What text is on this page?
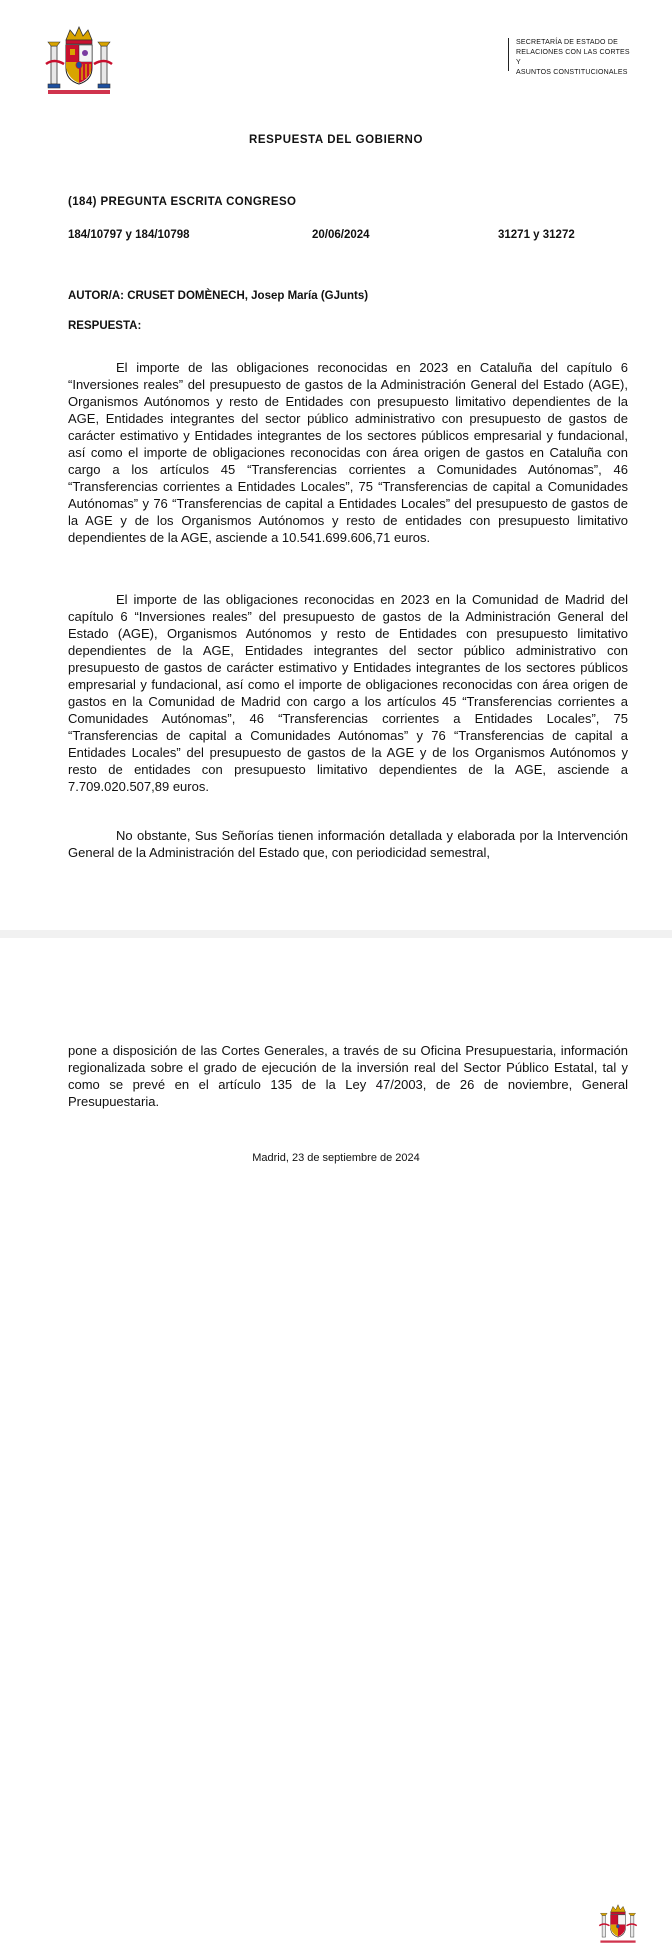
SECRETARÍA DE ESTADO DE
RELACIONES CON LAS CORTES Y
ASUNTOS CONSTITUCIONALES
RESPUESTA DEL GOBIERNO
(184) PREGUNTA ESCRITA CONGRESO
184/10797 y 184/10798	20/06/2024	31271 y 31272
AUTOR/A: CRUSET DOMÈNECH, Josep María (GJunts)
RESPUESTA:

El importe de las obligaciones reconocidas en 2023 en Cataluña del capítulo 6 “Inversiones reales” del presupuesto de gastos de la Administración General del Estado (AGE), Organismos Autónomos y resto de Entidades con presupuesto limitativo dependientes de la AGE, Entidades integrantes del sector público administrativo con presupuesto de gastos de carácter estimativo y Entidades integrantes de los sectores públicos empresarial y fundacional, así como el importe de obligaciones reconocidas con área origen de gastos en Cataluña con cargo a los artículos 45 “Transferencias corrientes a Comunidades Autónomas”, 46 “Transferencias corrientes a Entidades Locales”, 75 “Transferencias de capital a Comunidades Autónomas” y 76 “Transferencias de capital a Entidades Locales” del presupuesto de gastos de la AGE y de los Organismos Autónomos y resto de entidades con presupuesto limitativo dependientes de la AGE, asciende a 10.541.699.606,71 euros.

El importe de las obligaciones reconocidas en 2023 en la Comunidad de Madrid del capítulo 6 “Inversiones reales” del presupuesto de gastos de la Administración General del Estado (AGE), Organismos Autónomos y resto de Entidades con presupuesto limitativo dependientes de la AGE, Entidades integrantes del sector público administrativo con presupuesto de gastos de carácter estimativo y Entidades integrantes de los sectores públicos empresarial y fundacional, así como el importe de obligaciones reconocidas con área origen de gastos en la Comunidad de Madrid con cargo a los artículos 45 “Transferencias corrientes a Comunidades Autónomas”, 46 “Transferencias corrientes a Entidades Locales”, 75 “Transferencias de capital a Comunidades Autónomas” y 76 “Transferencias de capital a Entidades Locales” del presupuesto de gastos de la AGE y de los Organismos Autónomos y resto de entidades con presupuesto limitativo dependientes de la AGE, asciende a 7.709.020.507,89 euros.

No obstante, Sus Señorías tienen información detallada y elaborada por la Intervención General de la Administración del Estado que, con periodicidad semestral,

pone a disposición de las Cortes Generales, a través de su Oficina Presupuestaria, información regionalizada sobre el grado de ejecución de la inversión real del Sector Público Estatal, tal y como se prevé en el artículo 135 de la Ley 47/2003, de 26 de noviembre, General Presupuestaria.

Madrid, 23 de septiembre de 2024
